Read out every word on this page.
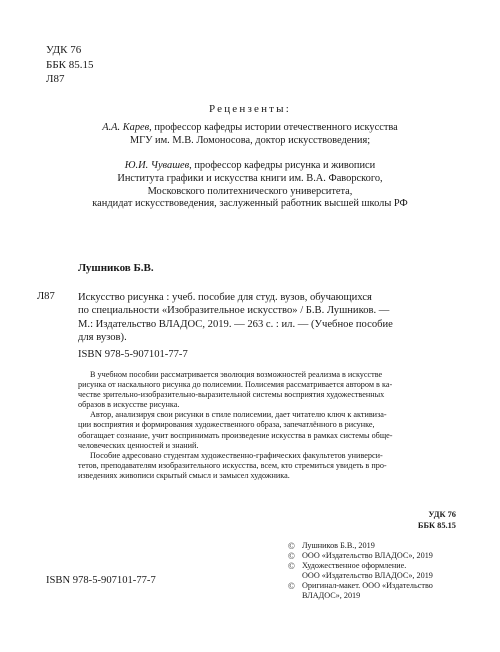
УДК 76
ББК 85.15
Л87
Рецензенты:
А.А. Карев, профессор кафедры истории отечественного искусства
МГУ им. М.В. Ломоносова, доктор искусствоведения;
Ю.И. Чувашев, профессор кафедры рисунка и живописи
Института графики и искусства книги им. В.А. Фаворского,
Московского политехнического университета,
кандидат искусствоведения, заслуженный работник высшей школы РФ
Лушников Б.В.
Л87 Искусство рисунка : учеб. пособие для студ. вузов, обучающихся
по специальности «Изобразительное искусство» / Б.В. Лушников. —
М.: Издательство ВЛАДОС, 2019. — 263 с. : ил. — (Учебное пособие
для вузов).
ISBN 978-5-907101-77-7
В учебном пособии рассматривается эволюция возможностей реализма в искусстве
рисунка от наскального рисунка до полисемии. Полисемия рассматривается автором в ка-
честве зрительно-изобразительно-выразительной системы восприятия художественных
образов в искусстве рисунка.
Автор, анализируя свои рисунки в стиле полисемии, дает читателю ключ к активиза-
ции восприятия и формирования художественного образа, запечатлённого в рисунке,
обогащает сознание, учит воспринимать произведение искусства в рамках системы обще-
человеческих ценностей и знаний.
Пособие адресовано студентам художественно-графических факультетов универси-
тетов, преподавателям изобразительного искусства, всем, кто стремиться увидеть в про-
изведениях живописи скрытый смысл и замысел художника.
УДК 76
ББК 85.15
© Лушников Б.В., 2019
© ООО «Издательство ВЛАДОС», 2019
© Художественное оформление.
ООО «Издательство ВЛАДОС», 2019
© Оригинал-макет. ООО «Издательство
ВЛАДОС», 2019
ISBN 978-5-907101-77-7
